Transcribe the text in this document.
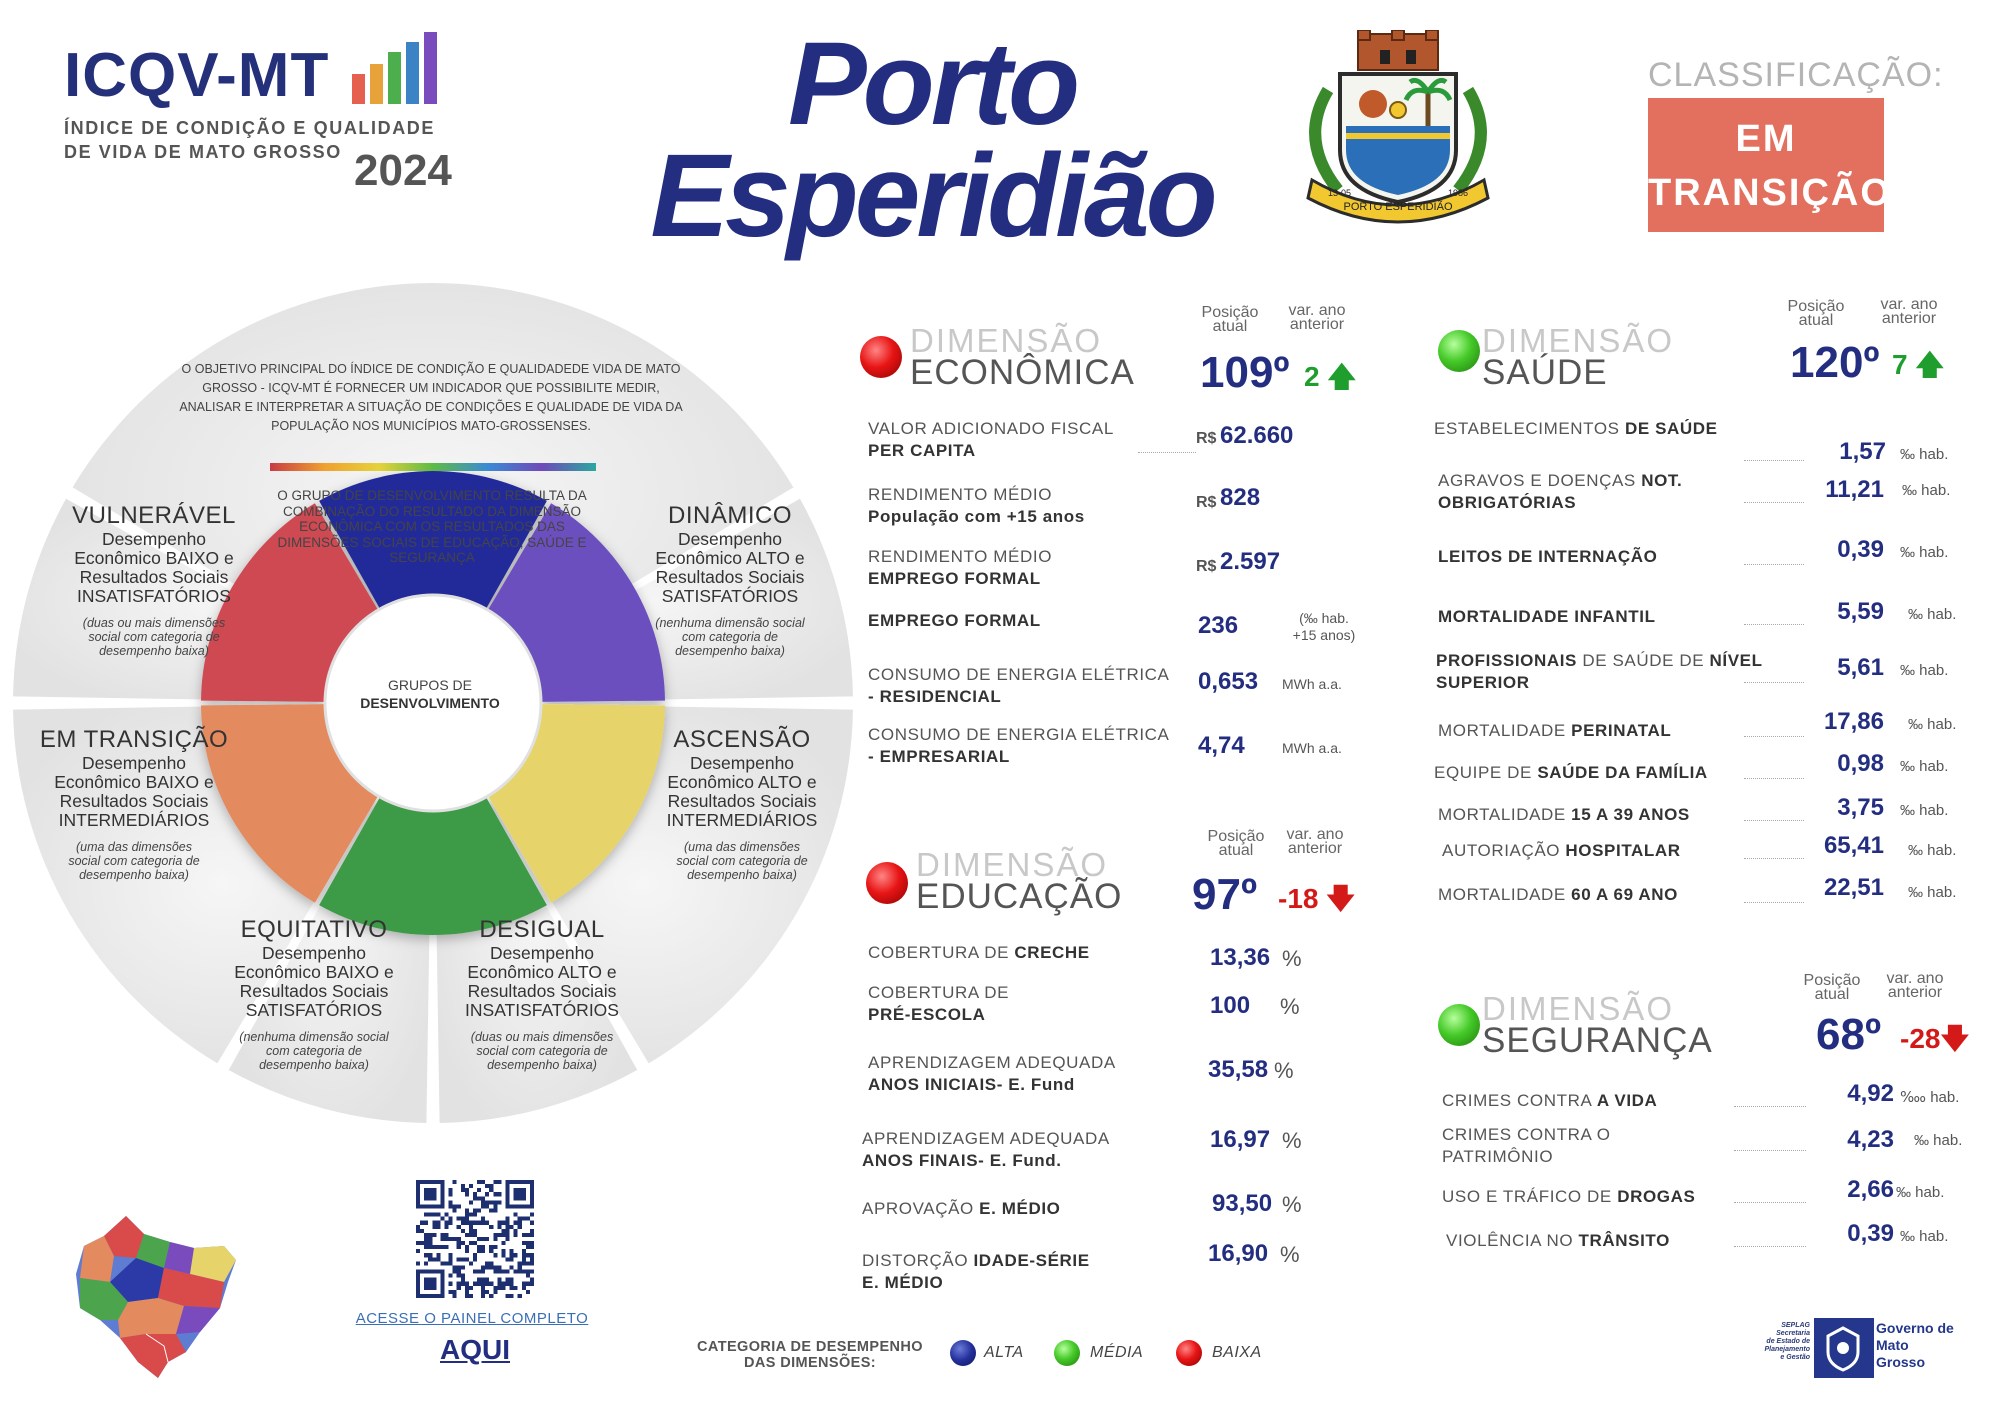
ICQV-MT
ÍNDICE DE CONDIÇÃO E QUALIDADE DE VIDA DE MATO GROSSO 2024
Porto
Esperidião	PORTO ESPERIDIÃO
13-05	1986
CLASSIFICAÇÃO:
EM
TRANSIÇÃO
O OBJETIVO PRINCIPAL DO ÍNDICE DE CONDIÇÃO E QUALIDADEDE VIDA DE MATO GROSSO - ICQV-MT É FORNECER UM INDICADOR QUE POSSIBILITE MEDIR, ANALISAR E INTERPRETAR A SITUAÇÃO DE CONDIÇÕES E QUALIDADE DE VIDA DA POPULAÇÃO NOS MUNICÍPIOS MATO-GROSSENSES.
O GRUPO DE DESENVOLVIMENTO RESULTA DA COMBINAÇÃO DO RESULTADO DA DIMENSÃO ECONÔMICA COM OS RESULTADOS DAS DIMENSÕES SOCIAIS DE EDUCAÇÃO, SAÚDE E SEGURANÇA
GRUPOS DE
DESENVOLVIMENTO
VULNERÁVEL
Desempenho
Econômico BAIXO e
Resultados Sociais
INSATISFATÓRIOS
(duas ou mais dimensões social com categoria de desempenho baixa)
DINÂMICO
Desempenho
Econômico ALTO e
Resultados Sociais
SATISFATÓRIOS
(nenhuma dimensão social com categoria de desempenho baixa)
EM TRANSIÇÃO
Desempenho
Econômico BAIXO e
Resultados Sociais
INTERMEDIÁRIOS
(uma das dimensões social com categoria de desempenho baixa)
ASCENSÃO
Desempenho
Econômico ALTO e
Resultados Sociais
INTERMEDIÁRIOS
(uma das dimensões social com categoria de desempenho baixa)
EQUITATIVO
Desempenho
Econômico BAIXO e
Resultados Sociais
SATISFATÓRIOS
(nenhuma dimensão social com categoria de desempenho baixa)
DESIGUAL
Desempenho
Econômico ALTO e
Resultados Sociais
INSATISFATÓRIOS
(duas ou mais dimensões social com categoria de desempenho baixa)
DIMENSÃO
ECONÔMICA
Posição
atual
var. ano
anterior
109º 2 🡅
VALOR ADICIONADO FISCAL
PER CAPITA
R$ 62.660
RENDIMENTO MÉDIO
População com +15 anos
R$ 828
RENDIMENTO MÉDIO
EMPREGO FORMAL
R$ 2.597
EMPREGO FORMAL	236	(‰ hab. +15 anos)
CONSUMO DE ENERGIA ELÉTRICA
- RESIDENCIAL
0,653	MWh a.a.
CONSUMO DE ENERGIA ELÉTRICA
- EMPRESARIAL	4,74	MWh a.a.
DIMENSÃO
EDUCAÇÃO
Posição
atual
var. ano
anterior
97º -18 🡇
COBERTURA DE CRECHE	13,36 %
COBERTURA DE
PRÉ-ESCOLA	100	%
APRENDIZAGEM ADEQUADA
ANOS INICIAIS- E. Fund
35,58 %
APRENDIZAGEM ADEQUADA
ANOS FINAIS- E. Fund.
16,97 %
APROVAÇÃO E. MÉDIO	93,50 %
DISTORÇÃO IDADE-SÉRIE
E. MÉDIO
16,90 %
DIMENSÃO
SAÚDE
Posição
atual
var. ano
anterior
120º 7 🡅
ESTABELECIMENTOS DE SAÚDE
1,57 ‰ hab.
AGRAVOS E DOENÇAS NOT.
OBRIGATÓRIAS	11,21 ‰ hab.
LEITOS DE INTERNAÇÃO	0,39 ‰ hab.
MORTALIDADE INFANTIL	5,59 ‰ hab.
PROFISSIONAIS DE SAÚDE DE NÍVEL
SUPERIOR
5,61 ‰ hab.
MORTALIDADE PERINATAL	17,86 ‰ hab.
EQUIPE DE SAÚDE DA FAMÍLIA	0,98 ‰ hab.
MORTALIDADE 15 A 39 ANOS	3,75 ‰ hab.
AUTORIAÇÃO HOSPITALAR	65,41 ‰ hab.
MORTALIDADE 60 A 69 ANO	22,51 ‰ hab.
DIMENSÃO
SEGURANÇA
Posição
atual
var. ano
anterior
68º -28🡇
CRIMES CONTRA A VIDA	4,92 ‱ hab.
CRIMES CONTRA O
PATRIMÔNIO
4,23 ‰ hab.
USO E TRÁFICO DE DROGAS	2,66 ‰ hab.
VIOLÊNCIA NO TRÂNSITO	0,39 ‰ hab.
ACESSE O PAINEL COMPLETO
AQUI	CATEGORIA DE DESEMPENHO
DAS DIMENSÕES:
ALTA	MÉDIA	BAIXA
SEPLAG
Secretaria
de Estado de
Planejamento
e Gestão
Governo de
Mato
Grosso
